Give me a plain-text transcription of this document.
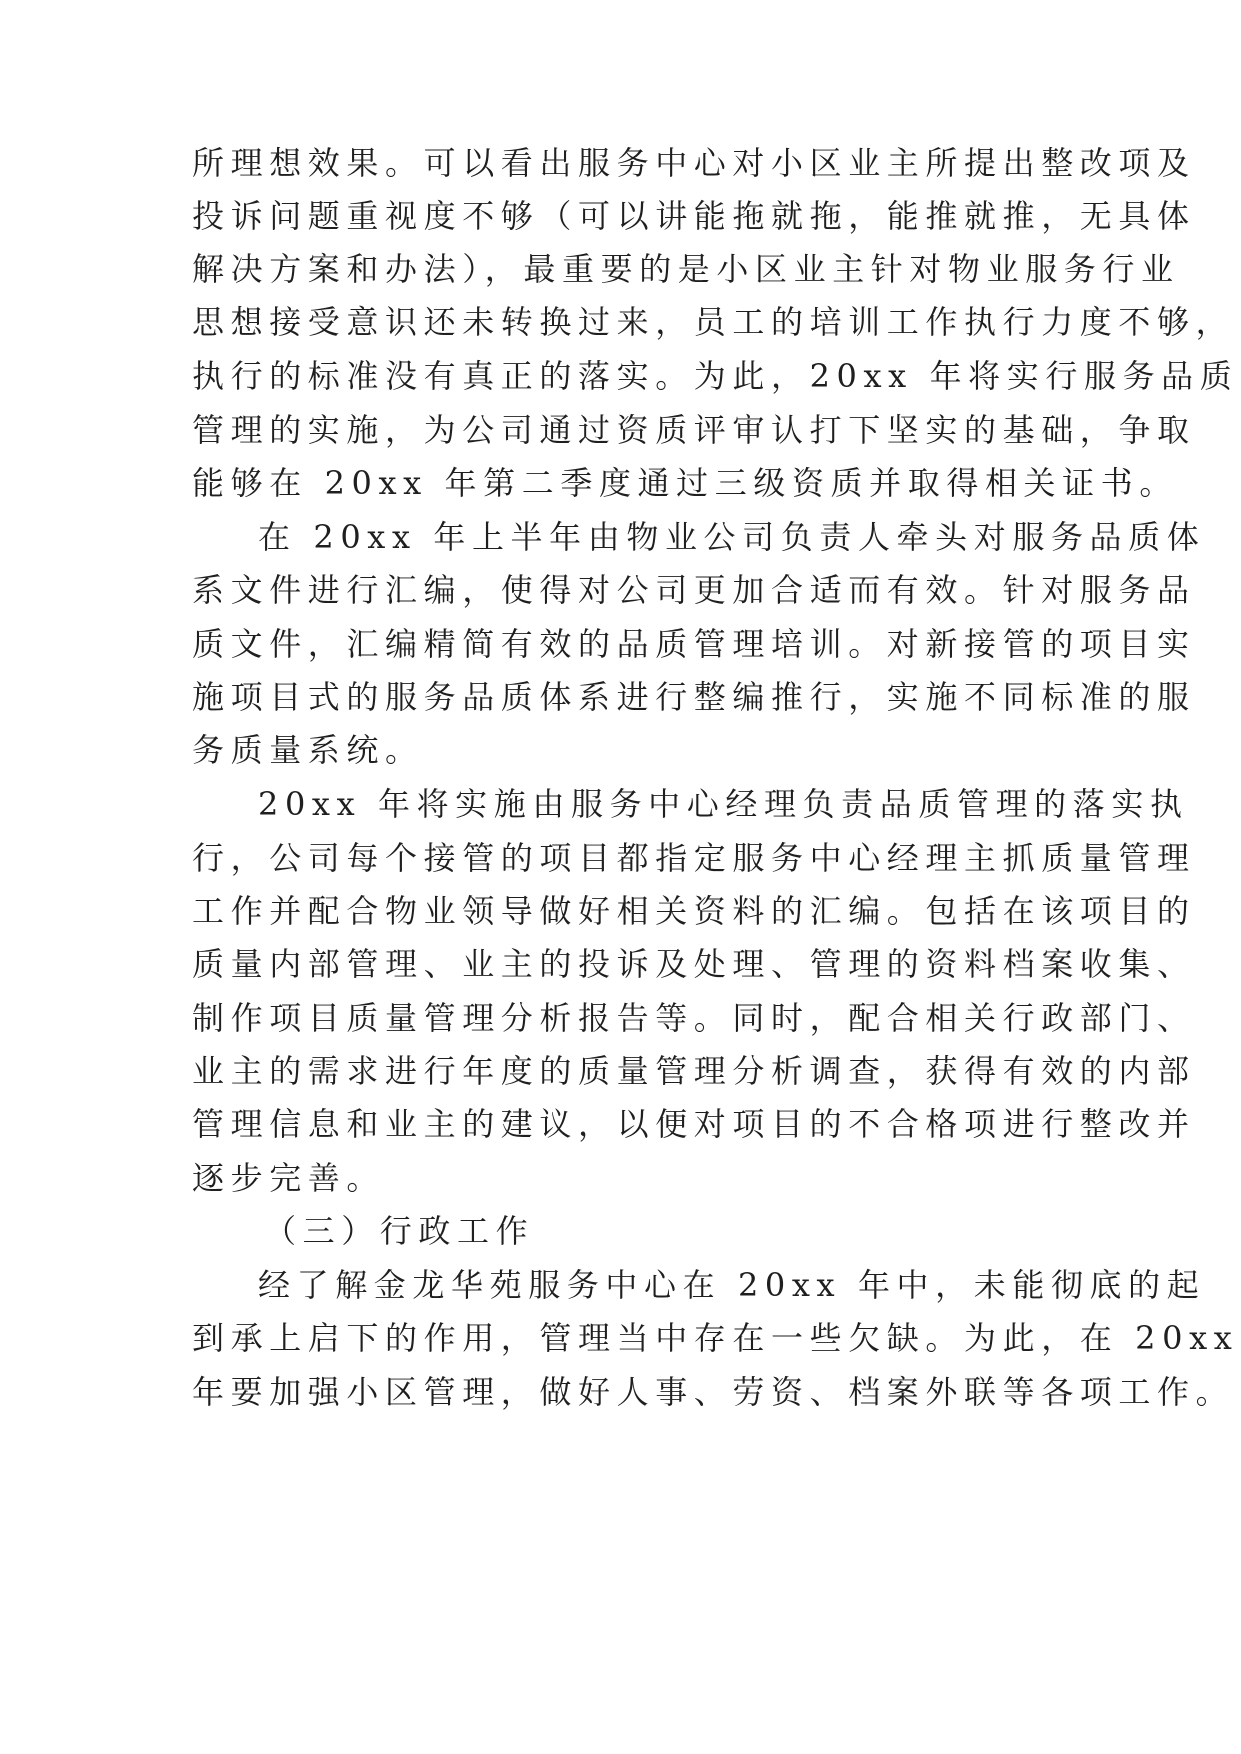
所理想效果。可以看出服务中心对小区业主所提出整改项及
投诉问题重视度不够（可以讲能拖就拖，能推就推，无具体
解决方案和办法），最重要的是小区业主针对物业服务行业
思想接受意识还未转换过来，员工的培训工作执行力度不够，
执行的标准没有真正的落实。为此，20xx 年将实行服务品质
管理的实施，为公司通过资质评审认打下坚实的基础，争取
能够在 20xx 年第二季度通过三级资质并取得相关证书。
在 20xx 年上半年由物业公司负责人牵头对服务品质体
系文件进行汇编，使得对公司更加合适而有效。针对服务品
质文件，汇编精简有效的品质管理培训。对新接管的项目实
施项目式的服务品质体系进行整编推行，实施不同标准的服
务质量系统。
20xx 年将实施由服务中心经理负责品质管理的落实执
行，公司每个接管的项目都指定服务中心经理主抓质量管理
工作并配合物业领导做好相关资料的汇编。包括在该项目的
质量内部管理、业主的投诉及处理、管理的资料档案收集、
制作项目质量管理分析报告等。同时，配合相关行政部门、
业主的需求进行年度的质量管理分析调查，获得有效的内部
管理信息和业主的建议，以便对项目的不合格项进行整改并
逐步完善。
（三）行政工作
经了解金龙华苑服务中心在 20xx 年中，未能彻底的起
到承上启下的作用，管理当中存在一些欠缺。为此，在 20xx
年要加强小区管理，做好人事、劳资、档案外联等各项工作。
